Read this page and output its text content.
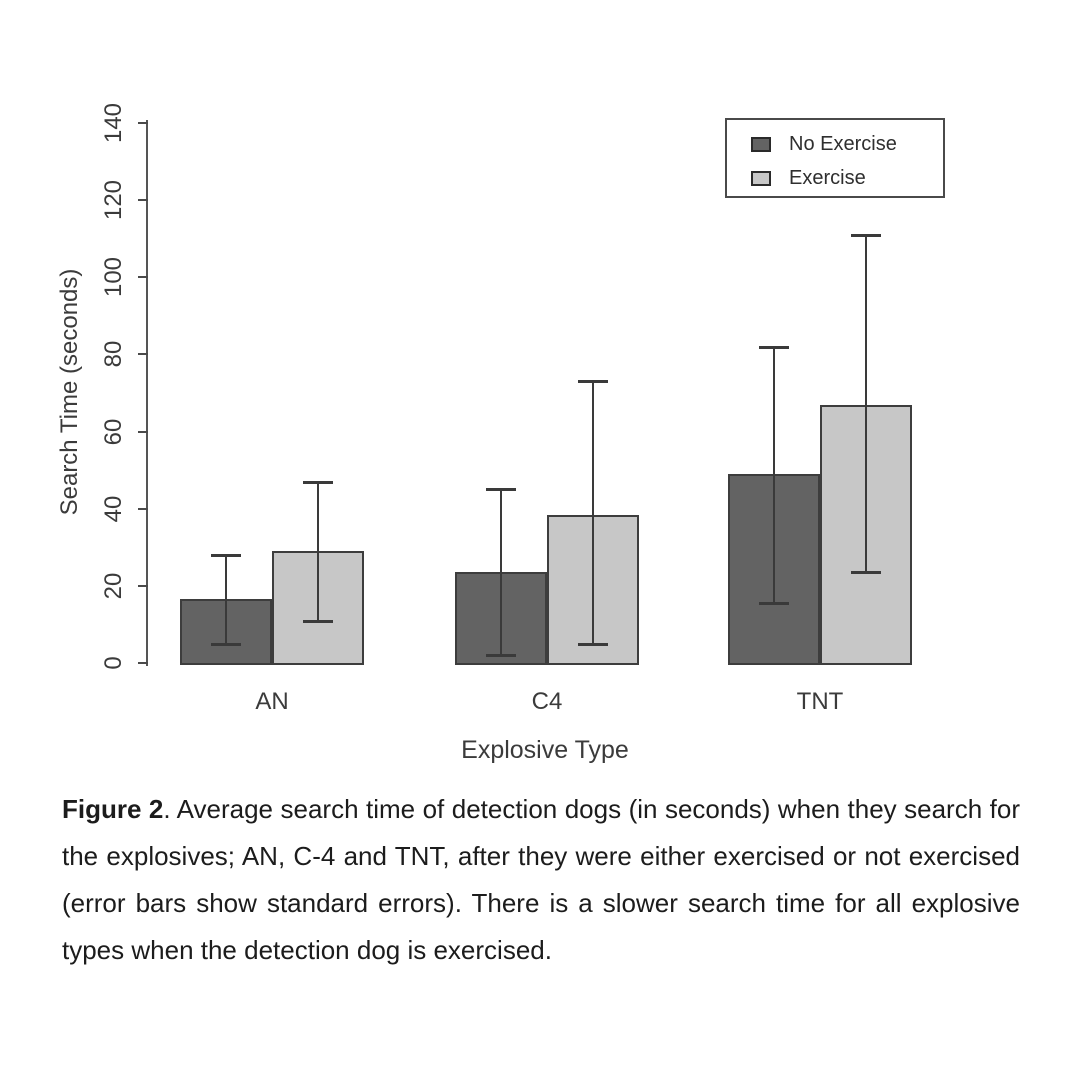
0
20
40
60
80
100
120
140
Search Time (seconds)
AN	C4	TNT
Explosive Type
No Exercise
Exercise

Figure 2. Average search time of detection dogs (in seconds) when they search for the explosives; AN, C-4 and TNT, after they were either exercised or not exercised (error bars show standard errors). There is a slower search time for all explosive types when the detection dog is exercised.
